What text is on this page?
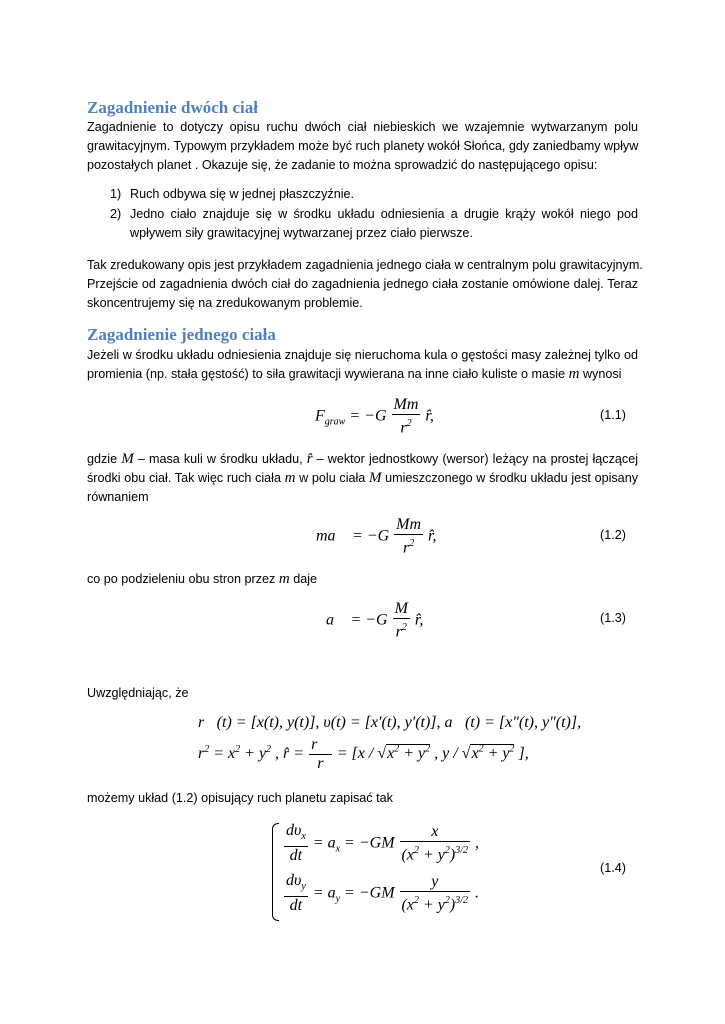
Zagadnienie dwóch ciał
Zagadnienie to dotyczy opisu ruchu dwóch ciał niebieskich we wzajemnie wytwarzanym polu
grawitacyjnym. Typowym przykładem może być ruch planety wokół Słońca, gdy zaniedbamy wpływ
pozostałych planet . Okazuje się, że zadanie to można sprowadzić do następującego opisu:
1) Ruch odbywa się w jednej płaszczyźnie.
2) Jedno ciało znajduje się w środku układu odniesienia a drugie krąży wokół niego pod
wpływem siły grawitacyjnej wytwarzanej przez ciało pierwsze.
Tak zredukowany opis jest przykładem zagadnienia jednego ciała w centralnym polu grawitacyjnym.
Przejście od zagadnienia dwóch ciał do zagadnienia jednego ciała zostanie omówione dalej. Teraz
skoncentrujemy się na zredukowanym problemie.
Zagadnienie jednego ciała
Jeżeli w środku układu odniesienia znajduje się nieruchoma kula o gęstości masy zależnej tylko od
promienia (np. stała gęstość) to siła grawitacji wywierana na inne ciało kuliste o masie m wynosi
$F_{graw} = -G \frac{Mm}{r^2}$ r̂,	(1.1)
gdzie M – masa kuli w środku układu, r̂ – wektor jednostkowy (wersor) leżący na prostej łączącej
środki obu ciał. Tak więc ruch ciała m w polu ciała M umieszczonego w środku układu jest opisany
równaniem
ma⃗ = $-G \frac{Mm}{r^2}$ r̂,	(1.2)
co po podzieleniu obu stron przez m daje
a⃗ = $-G \frac{M}{r^2}$ r̂,	(1.3)
Uwzględniając, że
r⃗(t) = [x(t), y(t)], υ(t) = [x′(t), y′(t)], a⃗(t) = [x″(t), y″(t)],
$r^2 = x^2 + y^2$ , r̂ = $\frac{r⃗}{r} = [x / √x^2 + y^2$ , $y / √x^2 + y^2$ ],
możemy układ (1.2) opisujący ruch planetu zapisać tak
$\frac{d\upsilon_x}{dt} = a_x = -GM \frac{x}{(x^2 + y^2)^{3/2}}$ ,
$\frac{d\upsilon_y}{dt} = a_y = -GM \frac{y}{(x^2 + y^2)^{3/2}}$ .
(1.4)
